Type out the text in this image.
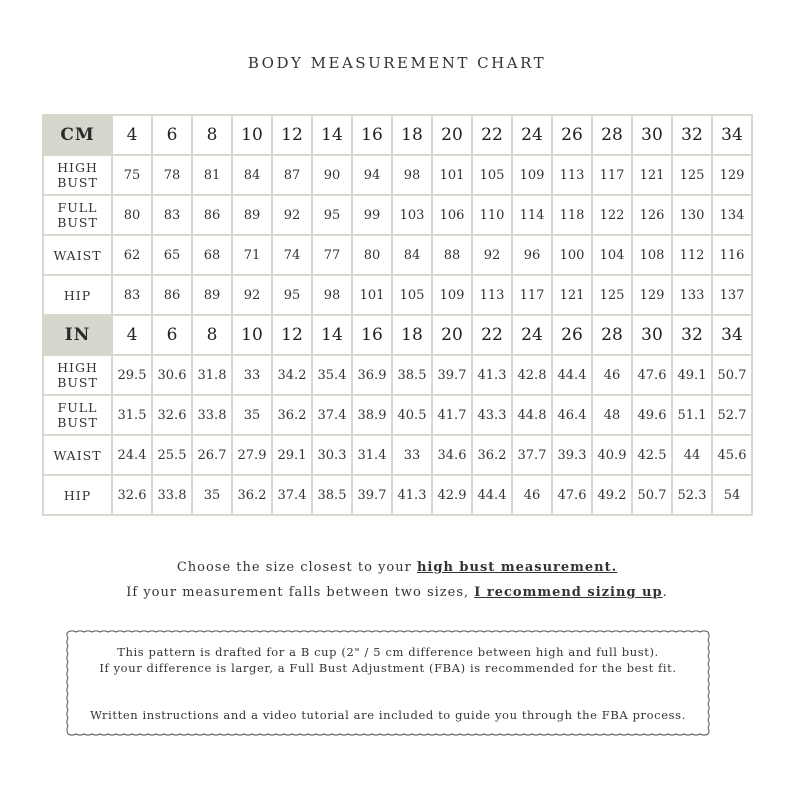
BODY MEASUREMENT CHART
CM	4	6	8	10	12	14	16	18	20	22	24	26	28	30	32	34

HIGH
BUST	75	78	81	84	87	90	94	98	101	105	109	113	117	121	125	129

FULL
BUST	80	83	86	89	92	95	99	103	106	110	114	118	122	126	130	134

WAIST	62	65	68	71	74	77	80	84	88	92	96	100	104	108	112	116

HIP	83	86	89	92	95	98	101	105	109	113	117	121	125	129	133	137
IN	4	6	8	10	12	14	16	18	20	22	24	26	28	30	32	34

HIGH
BUST	29.5	30.6	31.8	33	34.2	35.4	36.9	38.5	39.7	41.3	42.8	44.4	46	47.6	49.1	50.7

FULL
BUST	31.5	32.6	33.8	35	36.2	37.4	38.9	40.5	41.7	43.3	44.8	46.4	48	49.6	51.1	52.7

WAIST	24.4	25.5	26.7	27.9	29.1	30.3	31.4	33	34.6	36.2	37.7	39.3	40.9	42.5	44	45.6

HIP	32.6	33.8	35	36.2	37.4	38.5	39.7	41.3	42.9	44.4	46	47.6	49.2	50.7	52.3	54
Choose the size closest to your high bust measurement.
If your measurement falls between two sizes, I recommend sizing up.
This pattern is drafted for a B cup (2" / 5 cm difference between high and full bust).
If your difference is larger, a Full Bust Adjustment (FBA) is recommended for the best fit.
Written instructions and a video tutorial are included to guide you through the FBA process.
